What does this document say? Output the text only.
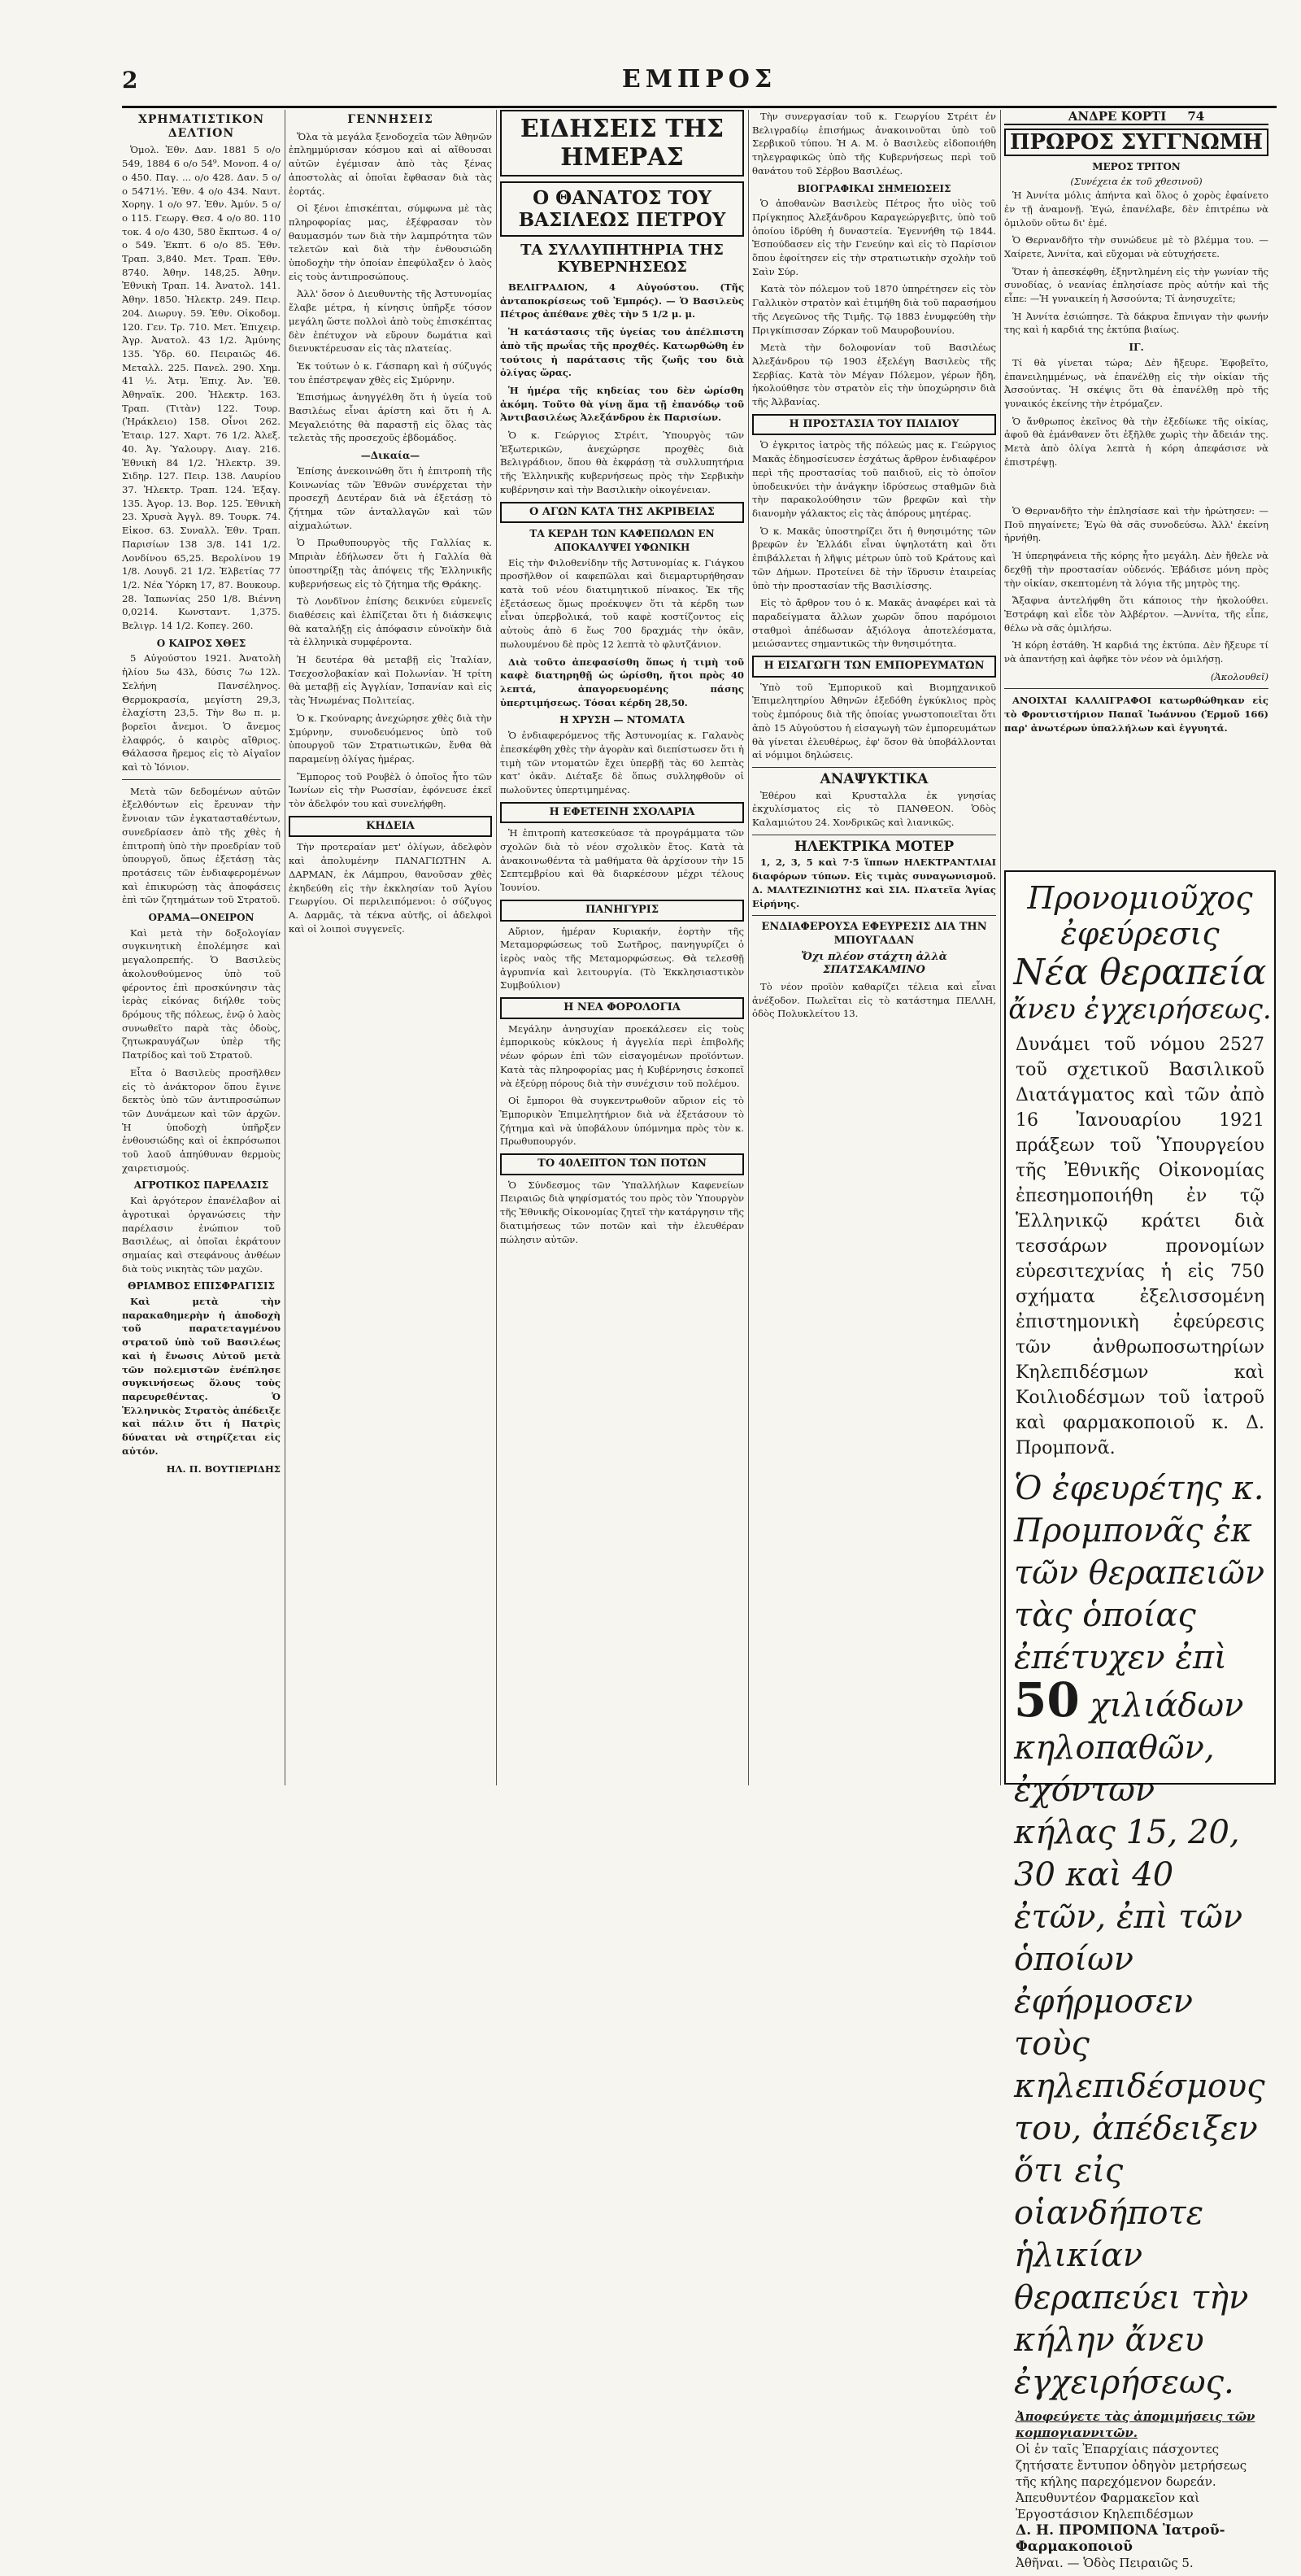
2	ΕΜΠΡΟΣ
ΧΡΗΜΑΤΙΣΤΙΚΟΝ ΔΕΛΤΙΟΝ

Ὁμολ. Ἐθν. Δαν. 1881 5 ο/ο 549, 1884 6 ο/ο 54⁹. Μονοπ. 4 ο/ο 450. Παγ. ... ο/ο 428. Δαν. 5 ο/ο 5471½. Ἐθν. 4 ο/ο 434. Ναυτ. Χορηγ. 1 ο/ο 97. Ἐθν. Ἀμύν. 5 ο/ο 115. Γεωργ. Θεσ. 4 ο/ο 80. 110 τοκ. 4 ο/ο 430, 580 ἔκπτωσ. 4 ο/ο 549. Ἐκπτ. 6 ο/ο 85. Ἐθν. Τραπ. 3,840. Μετ. Τραπ. Ἐθν. 8740. Ἀθην. 148,25. Ἀθην. Ἐθνικὴ Τραπ. 14. Ἀνατολ. 141. Ἀθην. 1850. Ἠλεκτρ. 249. Πειρ. 204. Διωρυγ. 59. Ἐθν. Οἰκοδομ. 120. Γεν. Τρ. 710. Μετ. Ἐπιχειρ. Ἀγρ. Ἀνατολ. 43 1/2. Ἀμύνης 135. Ὑδρ. 60. Πειραιῶς 46. Μεταλλ. 225. Πανελ. 290. Χημ. 41 ½. Ἀτμ. Ἐπιχ. Ἀν. Ἐθ. Ἀθηναϊκ. 200. Ἠλεκτρ. 163. Τραπ. (Τιτὰν) 122. Τουρ. (Ἠράκλειο) 158. Οἶνοι 262. Ἐταιρ. 127. Χαρτ. 76 1/2. Ἀλεξ. 40. Ἀγ. Ὑαλουργ. Διαγ. 216. Ἐθνικὴ 84 1/2. Ἡλεκτρ. 39. Σιδηρ. 127. Πειρ. 138. Λαυρίου 37. Ἠλεκτρ. Τραπ. 124. Ἐξαγ. 135. Ἀγορ. 13. Βορ. 125. Ἐθνικὴ 23. Χρυσὰ Ἀγγλ. 89. Τουρκ. 74. Εἰκοσ. 63. Συναλλ. Ἐθν. Τραπ. Παρισίων 138 3/8. 141 1/2. Λονδίνου 65,25. Βερολίνου 19 1/8. Λουγδ. 21 1/2. Ἑλβετίας 77 1/2. Νέα Ὑόρκη 17, 87. Βουκουρ. 28. Ἰαπωνίας 250 1/8. Βιέννη 0,0214. Κωνσταντ. 1,375. Βελιγρ. 14 1/2. Κοπεγ. 260.

Ο ΚΑΙΡΟΣ ΧΘΕΣ

5 Αὐγούστου 1921. Ἀνατολὴ ἡλίου 5ω 43λ, δύσις 7ω 12λ. Σελήνη Πανσέληνος. Θερμοκρασία, μεγίστη 29,3, ἐλαχίστη 23,5. Τὴν 8ω π. μ. βορεῖοι ἄνεμοι. Ὁ ἄνεμος ἐλαφρός, ὁ καιρὸς αἴθριος. Θάλασσα ἤρεμος εἰς τὸ Αἰγαῖον καὶ τὸ Ἰόνιον.

Μετὰ τῶν δεδομένων αὐτῶν ἐξελθόντων εἰς ἔρευναν τὴν ἔννοιαν τῶν ἐγκατασταθέντων, συνεδρίασεν ἀπὸ τῆς χθὲς ἡ ἐπιτροπὴ ὑπὸ τὴν προεδρίαν τοῦ ὑπουργοῦ, ὅπως ἐξετάσῃ τὰς προτάσεις τῶν ἐνδιαφερομένων καὶ ἐπικυρώσῃ τὰς ἀποφάσεις ἐπὶ τῶν ζητημάτων τοῦ Στρατοῦ.

ΟΡΑΜΑ—ΟΝΕΙΡΟΝ

Καὶ μετὰ τὴν δοξολογίαν συγκινητικὴ ἐπολέμησε καὶ μεγαλοπρεπής. Ὁ Βασιλεὺς ἀκολουθούμενος ὑπὸ τοῦ φέροντος ἐπὶ προσκύνησιν τὰς ἱερὰς εἰκόνας διήλθε τοὺς δρόμους τῆς πόλεως, ἐνῷ ὁ λαὸς συνωθεῖτο παρὰ τὰς ὁδοὺς, ζητωκραυγάζων ὑπὲρ τῆς Πατρίδος καὶ τοῦ Στρατοῦ.

Εἶτα ὁ Βασιλεὺς προσῆλθεν εἰς τὸ ἀνάκτορον ὅπου ἔγινε δεκτὸς ὑπὸ τῶν ἀντιπροσώπων τῶν Δυνάμεων καὶ τῶν ἀρχῶν. Ἡ ὑποδοχὴ ὑπῆρξεν ἐνθουσιώδης καὶ οἱ ἐκπρόσωποι τοῦ λαοῦ ἀπηύθυναν θερμοὺς χαιρετισμούς.

ΑΓΡΟΤΙΚΟΣ ΠΑΡΕΛΑΣΙΣ

Καὶ ἀργότερον ἐπανέλαβον αἱ ἀγροτικαὶ ὀργανώσεις τὴν παρέλασιν ἐνώπιον τοῦ Βασιλέως, αἱ ὁποῖαι ἐκράτουν σημαίας καὶ στεφάνους ἀνθέων διὰ τοὺς νικητὰς τῶν μαχῶν.

ΘΡΙΑΜΒΟΣ ΕΠΙΣΦΡΑΓΙΣΙΣ

Καὶ μετὰ τὴν παρακαθημερὴν ἡ ἀποδοχὴ τοῦ παρατεταγμένου στρατοῦ ὑπὸ τοῦ Βασιλέως καὶ ἡ ἔνωσις Αὐτοῦ μετὰ τῶν πολεμιστῶν ἐνέπλησε συγκινήσεως ὅλους τοὺς παρευρεθέντας. Ὁ Ἑλληνικὸς Στρατὸς ἀπέδειξε καὶ πάλιν ὅτι ἡ Πατρὶς δύναται νὰ στηρίζεται εἰς αὐτόν.

ΗΛ. Π. ΒΟΥΤΙΕΡΙΔΗΣ

ΓΕΝΝΗΣΕΙΣ

Ὅλα τὰ μεγάλα ξενοδοχεῖα τῶν Ἀθηνῶν ἐπλημμύρισαν κόσμου καὶ αἱ αἴθουσαι αὐτῶν ἐγέμισαν ἀπὸ τὰς ξένας ἀποστολὰς αἱ ὁποῖαι ἔφθασαν διὰ τὰς ἑορτάς.

Οἱ ξένοι ἐπισκέπται, σύμφωνα μὲ τὰς πληροφορίας μας, ἐξέφρασαν τὸν θαυμασμόν των διὰ τὴν λαμπρότητα τῶν τελετῶν καὶ διὰ τὴν ἐνθουσιώδη ὑποδοχὴν τὴν ὁποίαν ἐπεφύλαξεν ὁ λαὸς εἰς τοὺς ἀντιπροσώπους.

Ἀλλ' ὅσον ὁ Διευθυντὴς τῆς Ἀστυνομίας ἔλαβε μέτρα, ἡ κίνησις ὑπῆρξε τόσον μεγάλη ὥστε πολλοὶ ἀπὸ τοὺς ἐπισκέπτας δὲν ἐπέτυχον νὰ εὕρουν δωμάτια καὶ διενυκτέρευσαν εἰς τὰς πλατείας.

Ἐκ τούτων ὁ κ. Γάσπαρη καὶ ἡ σύζυγός του ἐπέστρεψαν χθὲς εἰς Σμύρνην.

Ἐπισήμως ἀνηγγέλθη ὅτι ἡ ὑγεία τοῦ Βασιλέως εἶναι ἀρίστη καὶ ὅτι ἡ Α. Μεγαλειότης θὰ παραστῇ εἰς ὅλας τὰς τελετὰς τῆς προσεχοῦς ἑβδομάδος.

—Δικαία—

Ἐπίσης ἀνεκοινώθη ὅτι ἡ ἐπιτροπὴ τῆς Κοινωνίας τῶν Ἐθνῶν συνέρχεται τὴν προσεχῆ Δευτέραν διὰ νὰ ἐξετάσῃ τὸ ζήτημα τῶν ἀνταλλαγῶν καὶ τῶν αἰχμαλώτων.

Ὁ Πρωθυπουργὸς τῆς Γαλλίας κ. Μπριὰν ἐδήλωσεν ὅτι ἡ Γαλλία θὰ ὑποστηρίξῃ τὰς ἀπόψεις τῆς Ἑλληνικῆς κυβερνήσεως εἰς τὸ ζήτημα τῆς Θράκης.

Τὸ Λονδῖνον ἐπίσης δεικνύει εὐμενεῖς διαθέσεις καὶ ἐλπίζεται ὅτι ἡ διάσκεψις θὰ καταλήξῃ εἰς ἀπόφασιν εὐνοϊκὴν διὰ τὰ ἑλληνικὰ συμφέροντα.

Ἡ δευτέρα θὰ μεταβῇ εἰς Ἰταλίαν, Τσεχοσλοβακίαν καὶ Πολωνίαν. Ἡ τρίτη θὰ μεταβῇ εἰς Ἀγγλίαν, Ἰσπανίαν καὶ εἰς τὰς Ἡνωμένας Πολιτείας.

Ὁ κ. Γκούναρης ἀνεχώρησε χθὲς διὰ τὴν Σμύρνην, συνοδευόμενος ὑπὸ τοῦ ὑπουργοῦ τῶν Στρατιωτικῶν, ἔνθα θὰ παραμείνῃ ὀλίγας ἡμέρας.

Ἔμπορος τοῦ Ρουβὲλ ὁ ὁποῖος ἦτο τῶν Ἰωνίων εἰς τὴν Ρωσσίαν, ἐφόνευσε ἐκεῖ τὸν ἀδελφόν του καὶ συνελήφθη.

ΚΗΔΕΙΑ

Τὴν προτεραίαν μετ' ὀλίγων, ἀδελφὸν καὶ ἀπολυμένην ΠΑΝΑΓΙΩΤΗΝ Α. ΔΑΡΜΑΝ, ἐκ Λάμπρου, θανοῦσαν χθὲς ἐκηδεύθη εἰς τὴν ἐκκλησίαν τοῦ Ἁγίου Γεωργίου. Οἱ περιλειπόμενοι: ὁ σύζυγος Α. Δαρμᾶς, τὰ τέκνα αὐτῆς, οἱ ἀδελφοὶ καὶ οἱ λοιποὶ συγγενεῖς.

ΕΙΔΗΣΕΙΣ ΤΗΣ ΗΜΕΡΑΣ
Ο ΘΑΝΑΤΟΣ ΤΟΥ ΒΑΣΙΛΕΩΣ ΠΕΤΡΟΥ
ΤΑ ΣΥΛΛΥΠΗΤΗΡΙΑ ΤΗΣ ΚΥΒΕΡΝΗΣΕΩΣ

ΒΕΛΙΓΡΑΔΙΟΝ, 4 Αὐγούστου. (Τῆς ἀνταποκρίσεως τοῦ Ἐμπρός). — Ὁ Βασιλεὺς Πέτρος ἀπέθανε χθὲς τὴν 5 1/2 μ. μ.

Ἡ κατάστασις τῆς ὑγείας του ἀπέλπιστη ἀπὸ τῆς πρωΐας τῆς προχθές. Κατωρθώθη ἐν τούτοις ἡ παράτασις τῆς ζωῆς του διὰ ὀλίγας ὥρας.

Ἡ ἡμέρα τῆς κηδείας του δὲν ὡρίσθη ἀκόμη. Τοῦτο θὰ γίνῃ ἅμα τῇ ἐπανόδῳ τοῦ Ἀντιβασιλέως Ἀλεξάνδρου ἐκ Παρισίων.

Ὁ κ. Γεώργιος Στρέιτ, Ὑπουργὸς τῶν Ἐξωτερικῶν, ἀνεχώρησε προχθὲς διὰ Βελιγράδιον, ὅπου θὰ ἐκφράσῃ τὰ συλλυπητήρια τῆς Ἑλληνικῆς κυβερνήσεως πρὸς τὴν Σερβικὴν κυβέρνησιν καὶ τὴν Βασιλικὴν οἰκογένειαν.

Ο ΑΓΩΝ ΚΑΤΑ ΤΗΣ ΑΚΡΙΒΕΙΑΣ
ΤΑ ΚΕΡΔΗ ΤΩΝ ΚΑΦΕΠΩΛΩΝ ΕΝ ΑΠΟΚΑΛΥΨΕΙ ΥΦΩΝΙΚΗ

Εἰς τὴν Φιλοθενίδην τῆς Ἀστυνομίας κ. Γιάγκου προσῆλθον οἱ καφεπῶλαι καὶ διεμαρτυρήθησαν κατὰ τοῦ νέου διατιμητικοῦ πίνακος. Ἐκ τῆς ἐξετάσεως ὅμως προέκυψεν ὅτι τὰ κέρδη των εἶναι ὑπερβολικά, τοῦ καφὲ κοστίζοντος εἰς αὐτοὺς ἀπὸ 6 ἕως 700 δραχμάς τὴν ὀκᾶν, πωλουμένου δὲ πρὸς 12 λεπτὰ τὸ φλυτζάνιον.

Διὰ τοῦτο ἀπεφασίσθη ὅπως ἡ τιμὴ τοῦ καφὲ διατηρηθῇ ὡς ὡρίσθη, ἤτοι πρὸς 40 λεπτά, ἀπαγορευομένης πάσης ὑπερτιμήσεως. Τόσαι κέρδη 28,50.

Η ΧΡΥΣΗ — ΝΤΟΜΑΤΑ

Ὁ ἐνδιαφερόμενος τῆς Ἀστυνομίας κ. Γαλανὸς ἐπεσκέφθη χθὲς τὴν ἀγορὰν καὶ διεπίστωσεν ὅτι ἡ τιμὴ τῶν ντοματῶν ἔχει ὑπερβῇ τὰς 60 λεπτὰς κατ' ὀκᾶν. Διέταξε δὲ ὅπως συλληφθοῦν οἱ πωλοῦντες ὑπερτιμημένας.

Η ΕΦΕΤΕΙΝΗ ΣΧΟΛΑΡΙΑ

Ἡ ἐπιτροπὴ κατεσκεύασε τὰ προγράμματα τῶν σχολῶν διὰ τὸ νέον σχολικὸν ἔτος. Κατὰ τὰ ἀνακοινωθέντα τὰ μαθήματα θὰ ἀρχίσουν τὴν 15 Σεπτεμβρίου καὶ θὰ διαρκέσουν μέχρι τέλους Ἰουνίου.

ΠΑΝΗΓΥΡΙΣ

Αὔριον, ἡμέραν Κυριακήν, ἑορτὴν τῆς Μεταμορφώσεως τοῦ Σωτῆρος, πανηγυρίζει ὁ ἱερὸς ναὸς τῆς Μεταμορφώσεως. Θὰ τελεσθῇ ἀγρυπνία καὶ λειτουργία. (Τὸ Ἐκκλησιαστικὸν Συμβούλιον)

Η ΝΕΑ ΦΟΡΟΛΟΓΙΑ

Μεγάλην ἀνησυχίαν προεκάλεσεν εἰς τοὺς ἐμπορικοὺς κύκλους ἡ ἀγγελία περὶ ἐπιβολῆς νέων φόρων ἐπὶ τῶν εἰσαγομένων προϊόντων. Κατὰ τὰς πληροφορίας μας ἡ Κυβέρνησις ἐσκοπεῖ νὰ ἐξεύρῃ πόρους διὰ τὴν συνέχισιν τοῦ πολέμου.

Οἱ ἔμποροι θὰ συγκεντρωθοῦν αὔριον εἰς τὸ Ἐμπορικὸν Ἐπιμελητήριον διὰ νὰ ἐξετάσουν τὸ ζήτημα καὶ νὰ ὑποβάλουν ὑπόμνημα πρὸς τὸν κ. Πρωθυπουργόν.

ΤΟ 40ΛΕΠΤΟΝ ΤΩΝ ΠΟΤΩΝ

Ὁ Σύνδεσμος τῶν Ὑπαλλήλων Καφενείων Πειραιῶς διὰ ψηφίσματός του πρὸς τὸν Ὑπουργὸν τῆς Ἐθνικῆς Οἰκονομίας ζητεῖ τὴν κατάργησιν τῆς διατιμήσεως τῶν ποτῶν καὶ τὴν ἐλευθέραν πώλησιν αὐτῶν.

Τὴν συνεργασίαν τοῦ κ. Γεωργίου Στρέιτ ἐν Βελιγραδίῳ ἐπισήμως ἀνακοινοῦται ὑπὸ τοῦ Σερβικοῦ τύπου. Ἡ Α. Μ. ὁ Βασιλεὺς εἰδοποιήθη τηλεγραφικῶς ὑπὸ τῆς Κυβερνήσεως περὶ τοῦ θανάτου τοῦ Σέρβου Βασιλέως.

ΒΙΟΓΡΑΦΙΚΑΙ ΣΗΜΕΙΩΣΕΙΣ

Ὁ ἀποθανὼν Βασιλεὺς Πέτρος ἦτο υἱὸς τοῦ Πρίγκηπος Ἀλεξάνδρου Καραγεώργεβιτς, ὑπὸ τοῦ ὁποίου ἱδρύθη ἡ δυναστεία. Ἐγεννήθη τῷ 1844. Ἐσπούδασεν εἰς τὴν Γενεύην καὶ εἰς τὸ Παρίσιον ὅπου ἐφοίτησεν εἰς τὴν στρατιωτικὴν σχολὴν τοῦ Σαὶν Σύρ.

Κατὰ τὸν πόλεμον τοῦ 1870 ὑπηρέτησεν εἰς τὸν Γαλλικὸν στρατὸν καὶ ἐτιμήθη διὰ τοῦ παρασήμου τῆς Λεγεῶνος τῆς Τιμῆς. Τῷ 1883 ἐνυμφεύθη τὴν Πριγκίπισσαν Ζόρκαν τοῦ Μαυροβουνίου.

Μετὰ τὴν δολοφονίαν τοῦ Βασιλέως Ἀλεξάνδρου τῷ 1903 ἐξελέγη Βασιλεὺς τῆς Σερβίας. Κατὰ τὸν Μέγαν Πόλεμον, γέρων ἤδη, ἠκολούθησε τὸν στρατὸν εἰς τὴν ὑποχώρησιν διὰ τῆς Ἀλβανίας.

Η ΠΡΟΣΤΑΣΙΑ ΤΟΥ ΠΑΙΔΙΟΥ

Ὁ ἐγκριτος ἰατρὸς τῆς πόλεώς μας κ. Γεώργιος Μακᾶς ἐδημοσίευσεν ἐσχάτως ἄρθρον ἐνδιαφέρον περὶ τῆς προστασίας τοῦ παιδιοῦ, εἰς τὸ ὁποῖον ὑποδεικνύει τὴν ἀνάγκην ἱδρύσεως σταθμῶν διὰ τὴν παρακολούθησιν τῶν βρεφῶν καὶ τὴν διανομὴν γάλακτος εἰς τὰς ἀπόρους μητέρας.

Ὁ κ. Μακᾶς ὑποστηρίζει ὅτι ἡ θνησιμότης τῶν βρεφῶν ἐν Ἑλλάδι εἶναι ὑψηλοτάτη καὶ ὅτι ἐπιβάλλεται ἡ λῆψις μέτρων ὑπὸ τοῦ Κράτους καὶ τῶν Δήμων. Προτείνει δὲ τὴν ἵδρυσιν ἐταιρείας ὑπὸ τὴν προστασίαν τῆς Βασιλίσσης.

Εἰς τὸ ἄρθρον του ὁ κ. Μακᾶς ἀναφέρει καὶ τὰ παραδείγματα ἄλλων χωρῶν ὅπου παρόμοιοι σταθμοὶ ἀπέδωσαν ἀξιόλογα ἀποτελέσματα, μειώσαντες σημαντικῶς τὴν θνησιμότητα.

Η ΕΙΣΑΓΩΓΗ ΤΩΝ ΕΜΠΟΡΕΥΜΑΤΩΝ

Ὑπὸ τοῦ Ἐμπορικοῦ καὶ Βιομηχανικοῦ Ἐπιμελητηρίου Ἀθηνῶν ἐξεδόθη ἐγκύκλιος πρὸς τοὺς ἐμπόρους διὰ τῆς ὁποίας γνωστοποιεῖται ὅτι ἀπὸ 15 Αὐγούστου ἡ εἰσαγωγὴ τῶν ἐμπορευμάτων θὰ γίνεται ἐλευθέρως, ἐφ' ὅσον θὰ ὑποβάλλονται αἱ νόμιμοι δηλώσεις.

ΑΝΑΨΥΚΤΙΚΑ

Ἐθέρου καὶ Κρυσταλλα ἐκ γνησίας ἐκχυλίσματος εἰς τὸ ΠΑΝΘΕΟΝ. Ὁδὸς Καλαμιώτου 24. Χονδρικῶς καὶ λιανικῶς.

ΗΛΕΚΤΡΙΚΑ ΜΟΤΕΡ

1, 2, 3, 5 καὶ 7·5 ἵππων ΗΛΕΚΤΡΑΝΤΛΙΑΙ διαφόρων τύπων. Εἰς τιμὰς συναγωνισμοῦ. Δ. ΜΑΛΤΕΖΙΝΙΩΤΗΣ καὶ ΣΙΑ. Πλατεῖα Ἁγίας Εἰρήνης.

ΕΝΔΙΑΦΕΡΟΥΣΑ ΕΦΕΥΡΕΣΙΣ ΔΙΑ ΤΗΝ ΜΠΟΥΓΑΔΑΝ
Ὄχι πλέον στάχτη ἀλλὰ ΣΠΑΤΣΑΚΑΜΙΝΟ

Τὸ νέον προϊὸν καθαρίζει τέλεια καὶ εἶναι ἀνέξοδον. Πωλεῖται εἰς τὸ κατάστημα ΠΕΛΛΗ, ὁδὸς Πολυκλείτου 13.

ΑΝΔΡΕ ΚΟΡΤΙ 74
ΠΡΩΡΟΣ ΣΥΓΓΝΩΜΗ
ΜΕΡΟΣ ΤΡΙΤΟΝ
(Συνέχεια ἐκ τοῦ χθεσινοῦ)

Ἡ Ἀννίτα μόλις ἀπήντα καὶ ὅλος ὁ χορὸς ἐφαίνετο ἐν τῇ ἀναμονῇ. Ἐγώ, ἐπανέλαβε, δὲν ἐπιτρέπω νὰ ὀμιλοῦν οὕτω δι' ἐμέ.

Ὁ Θερνανδῆτο τὴν συνώδευε μὲ τὸ βλέμμα του. —Χαίρετε, Ἀννίτα, καὶ εὔχομαι νὰ εὐτυχήσετε.

Ὅταν ἡ ἀπεσκέφθη, ἐξηντλημένη εἰς τὴν γωνίαν τῆς συνοδίας, ὁ νεανίας ἐπλησίασε πρὸς αὐτήν καὶ τῆς εἶπε: —Ἡ γυναικείη ἡ Ἀσσούντα; Τί ἀνησυχεῖτε;

Ἡ Ἀννίτα ἐσιώπησε. Τὰ δάκρυα ἔπνιγαν τὴν φωνήν της καὶ ἡ καρδιά της ἐκτύπα βιαίως.

ΙΓ.

Τί θὰ γίνεται τώρα; Δὲν ἤξευρε. Ἐφοβεῖτο, ἐπανειλημμένως, νὰ ἐπανέλθῃ εἰς τὴν οἰκίαν τῆς Ἀσσούντας. Ἡ σκέψις ὅτι θὰ ἐπανέλθῃ πρὸ τῆς γυναικός ἐκείνης τὴν ἐτρόμαζεν.

Ὁ ἄνθρωπος ἐκεῖνος θὰ τὴν ἐξεδίωκε τῆς οἰκίας, ἀφοῦ θὰ ἐμάνθανεν ὅτι ἐξῆλθε χωρὶς τὴν ἄδειάν της. Μετὰ ἀπὸ ὀλίγα λεπτὰ ἡ κόρη ἀπεφάσισε νὰ ἐπιστρέψῃ.

Ὁ Θερνανδῆτο τὴν ἐπλησίασε καὶ τὴν ἠρώτησεν: —Ποῦ πηγαίνετε; Ἐγὼ θὰ σᾶς συνοδεύσω. Ἀλλ' ἐκείνη ἠρνήθη.

Ἡ ὑπερηφάνεια τῆς κόρης ἦτο μεγάλη. Δὲν ἤθελε νὰ δεχθῇ τὴν προστασίαν οὐδενός. Ἐβάδισε μόνη πρὸς τὴν οἰκίαν, σκεπτομένη τὰ λόγια τῆς μητρὸς της.

Ἄξαφνα ἀντελήφθη ὅτι κάποιος τὴν ἠκολούθει. Ἐστράφη καὶ εἶδε τὸν Ἀλβέρτον. —Ἀννίτα, τῆς εἶπε, θέλω νὰ σᾶς ὁμιλήσω.

Ἡ κόρη ἐστάθη. Ἡ καρδιά της ἐκτύπα. Δὲν ἤξευρε τί νὰ ἀπαντήσῃ καὶ ἀφῆκε τὸν νέον νὰ ὁμιλήσῃ.

(Ἀκολουθεῖ)

ΑΝΟΙΧΤΑΙ ΚΑΛΛΙΓΡΑΦΟΙ κατωρθώθηκαν εἰς τὸ Φροντιστήριον Παπαῖ Ἰωάννου (Ἑρμοῦ 166) παρ' ἀνωτέρων ὑπαλλήλων καὶ ἐγγυητά.

Προνομιοῦχος ἐφεύρεσις
Νέα θεραπεία
ἄνευ ἐγχειρήσεως.
Δυνάμει τοῦ νόμου 2527 τοῦ σχετικοῦ Βασιλικοῦ Διατάγματος καὶ τῶν ἀπὸ 16 Ἰανουαρίου 1921 πράξεων τοῦ Ὑπουργείου τῆς Ἐθνικῆς Οἰκονομίας ἐπεσημοποιήθη ἐν τῷ Ἑλληνικῷ κράτει διὰ τεσσάρων προνομίων εὑρεσιτεχνίας ἡ εἰς 750 σχήματα ἐξελισσομένη ἐπιστημονικὴ ἐφεύρεσις τῶν ἀνθρωποσωτηρίων Κηλεπιδέσμων καὶ Κοιλιοδέσμων τοῦ ἰατροῦ καὶ φαρμακοποιοῦ κ. Δ. Προμπονᾶ.
Ὁ ἐφευρέτης κ. Προμπονᾶς ἐκ τῶν θεραπειῶν τὰς ὁποίας ἐπέτυχεν ἐπὶ 50 χιλιάδων κηλοπαθῶν, ἐχόντων κήλας 15, 20, 30 καὶ 40 ἐτῶν, ἐπὶ τῶν ὁποίων ἐφήρμοσεν τοὺς κηλεπιδέσμους του, ἀπέδειξεν ὅτι εἰς οἱανδήποτε ἡλικίαν θεραπεύει τὴν κήλην ἄνευ ἐγχειρήσεως.
Ἀποφεύγετε τὰς ἀπομιμήσεις τῶν κομπογιαννιτῶν.
Οἱ ἐν ταῖς Ἐπαρχίαις πάσχοντες ζητήσατε ἔντυπον ὁδηγὸν μετρήσεως τῆς κήλης παρεχόμενον δωρεάν.
Ἀπευθυντέον Φαρμακεῖον καὶ Ἐργοστάσιον Κηλεπιδέσμων
Δ. Η. ΠΡΟΜΠΟΝΑ Ἰατροῦ-Φαρμακοποιοῦ
Ἀθῆναι. — Ὁδὸς Πειραιῶς 5.
